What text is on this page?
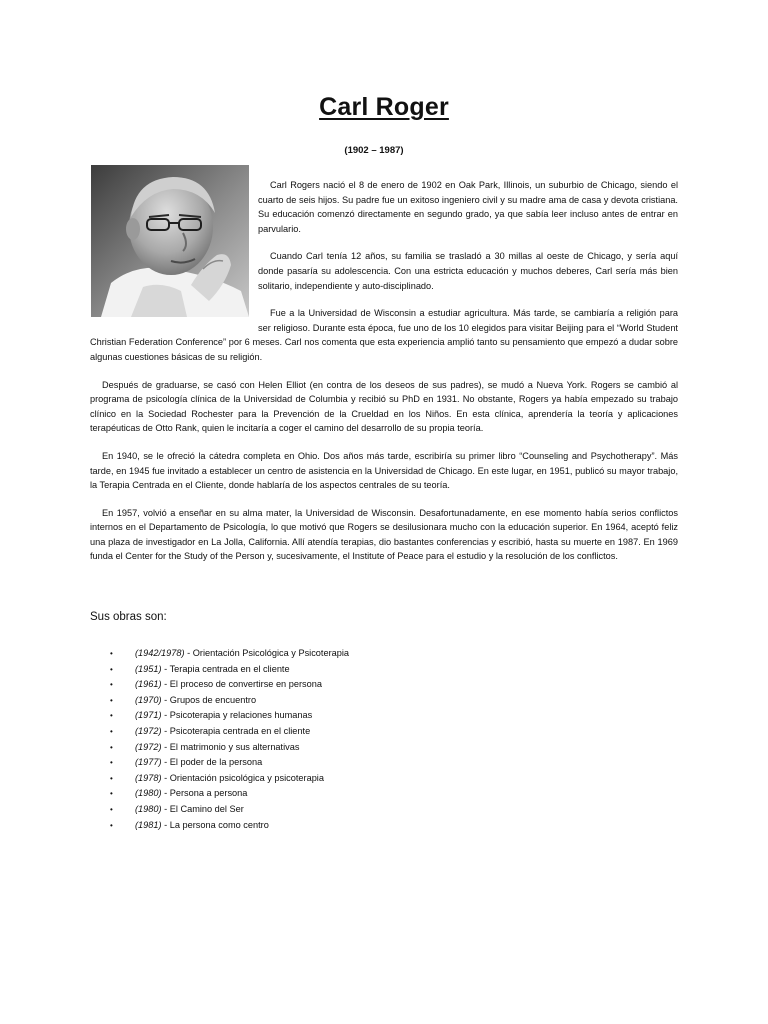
Carl Roger
(1902 – 1987)

Carl Rogers nació el 8 de enero de 1902 en Oak Park, Illinois, un suburbio de Chicago, siendo el cuarto de seis hijos. Su padre fue un exitoso ingeniero civil y su madre ama de casa y devota cristiana. Su educación comenzó directamente en segundo grado, ya que sabía leer incluso antes de entrar en parvulario.

Cuando Carl tenía 12 años, su familia se trasladó a 30 millas al oeste de Chicago, y sería aquí donde pasaría su adolescencia. Con una estricta educación y muchos deberes, Carl sería más bien solitario, independiente y auto-disciplinado.

Fue a la Universidad de Wisconsin a estudiar agricultura. Más tarde, se cambiaría a religión para ser religioso. Durante esta época, fue uno de los 10 elegidos para visitar Beijing para el “World Student Christian Federation Conference” por 6 meses. Carl nos comenta que esta experiencia amplió tanto su pensamiento que empezó a dudar sobre algunas cuestiones básicas de su religión.

Después de graduarse, se casó con Helen Elliot (en contra de los deseos de sus padres), se mudó a Nueva York. Rogers se cambió al programa de psicología clínica de la Universidad de Columbia y recibió su PhD en 1931. No obstante, Rogers ya había empezado su trabajo clínico en la Sociedad Rochester para la Prevención de la Crueldad en los Niños. En esta clínica, aprendería la teoría y aplicaciones terapéuticas de Otto Rank, quien le incitaría a coger el camino del desarrollo de su propia teoría.

En 1940, se le ofreció la cátedra completa en Ohio. Dos años más tarde, escribiría su primer libro “Counseling and Psychotherapy”. Más tarde, en 1945 fue invitado a establecer un centro de asistencia en la Universidad de Chicago. En este lugar, en 1951, publicó su mayor trabajo, la Terapia Centrada en el Cliente, donde hablaría de los aspectos centrales de su teoría.

En 1957, volvió a enseñar en su alma mater, la Universidad de Wisconsin. Desafortunadamente, en ese momento había serios conflictos internos en el Departamento de Psicología, lo que motivó que Rogers se desilusionara mucho con la educación superior. En 1964, aceptó feliz una plaza de investigador en La Jolla, California. Allí atendía terapias, dio bastantes conferencias y escribió, hasta su muerte en 1987. En 1969 funda el Center for the Study of the Person y, sucesivamente, el Institute of Peace para el estudio y la resolución de los conflictos.

Sus obras son:
• (1942/1978) - Orientación Psicológica y Psicoterapia
• (1951) - Terapia centrada en el cliente
• (1961) - El proceso de convertirse en persona
• (1970) - Grupos de encuentro
• (1971) - Psicoterapia y relaciones humanas
• (1972) - Psicoterapia centrada en el cliente
• (1972) - El matrimonio y sus alternativas
• (1977) - El poder de la persona
• (1978) - Orientación psicológica y psicoterapia
• (1980) - Persona a persona
• (1980) - El Camino del Ser
• (1981) - La persona como centro
